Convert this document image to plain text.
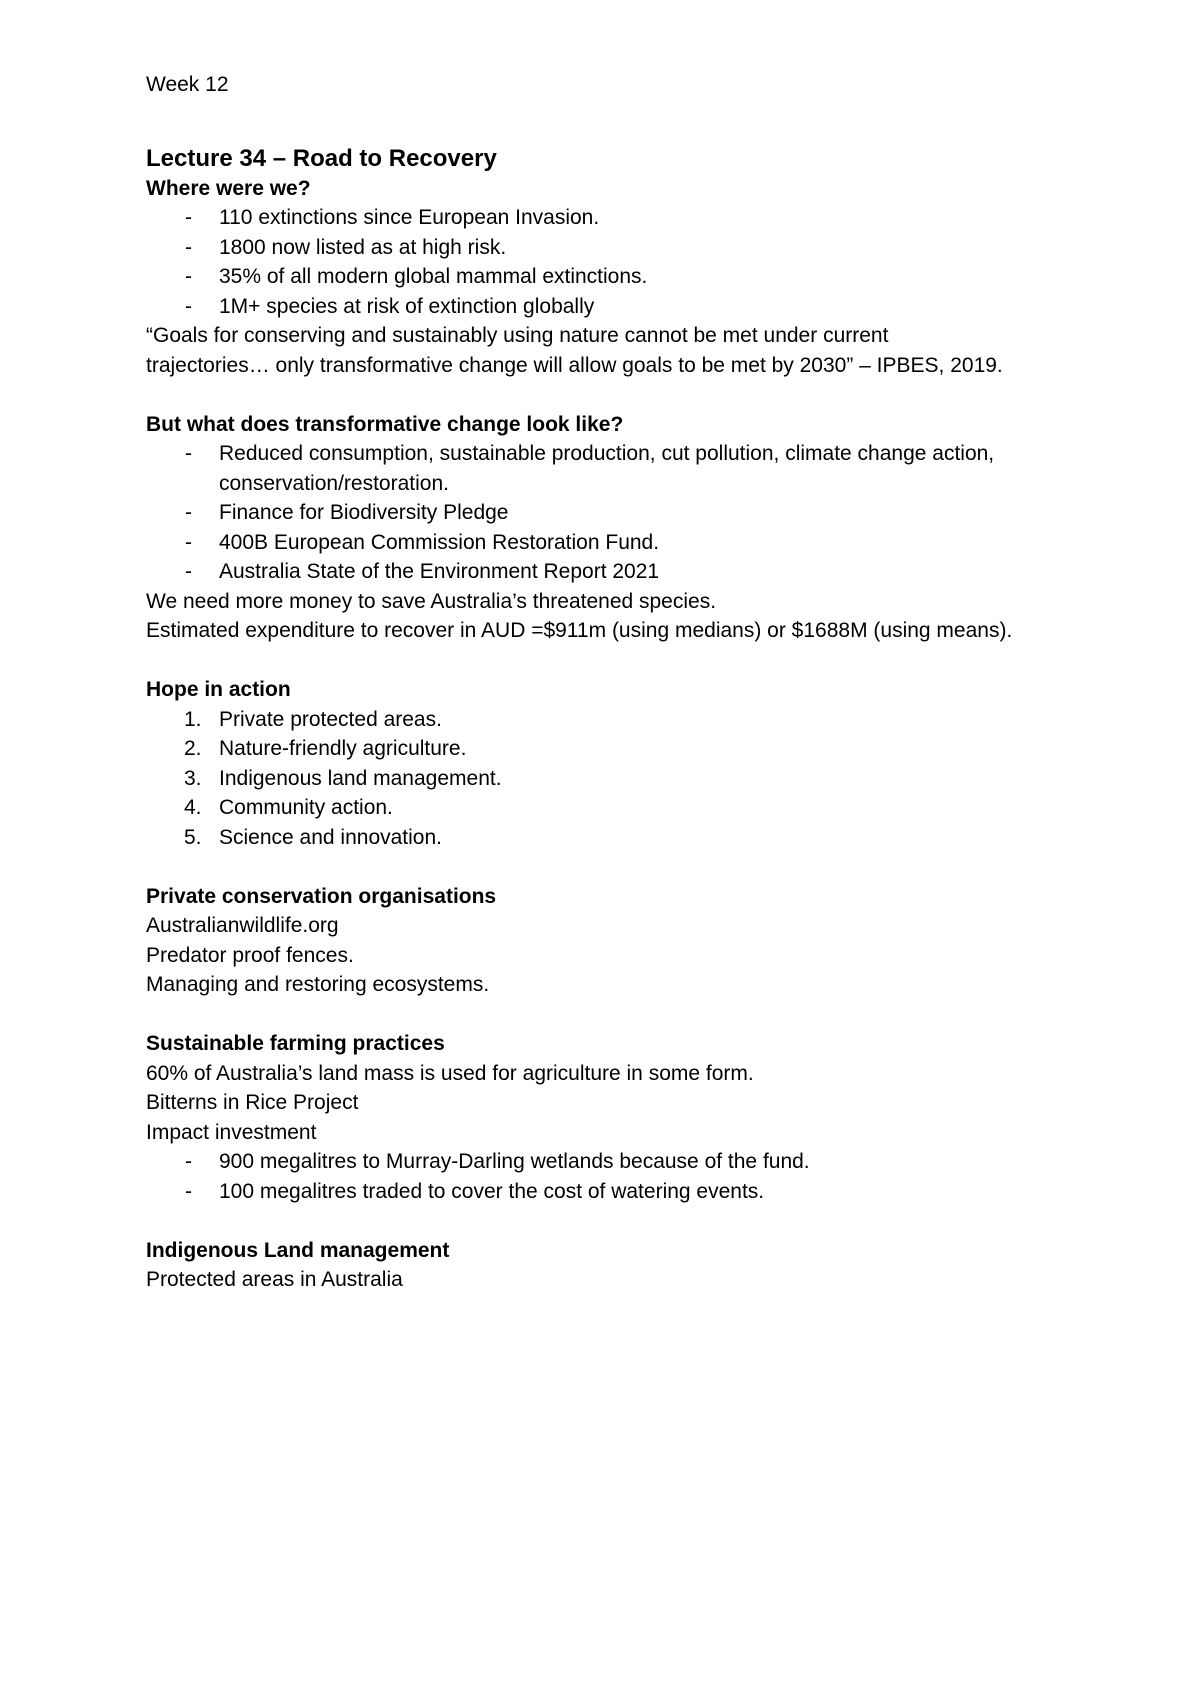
Week 12

Lecture 34 – Road to Recovery

Where were we?

- 110 extinctions since European Invasion.
- 1800 now listed as at high risk.
- 35% of all modern global mammal extinctions.
- 1M+ species at risk of extinction globally

“Goals for conserving and sustainably using nature cannot be met under current

trajectories… only transformative change will allow goals to be met by 2030” – IPBES, 2019.

But what does transformative change look like?

- Reduced consumption, sustainable production, cut pollution, climate change action, conservation/restoration.
- Finance for Biodiversity Pledge
- 400B European Commission Restoration Fund.
- Australia State of the Environment Report 2021

We need more money to save Australia’s threatened species.

Estimated expenditure to recover in AUD =$911m (using medians) or $1688M (using means).

Hope in action

1. Private protected areas.
2. Nature-friendly agriculture.
3. Indigenous land management.
4. Community action.
5. Science and innovation.

Private conservation organisations

Australianwildlife.org

Predator proof fences.

Managing and restoring ecosystems.

Sustainable farming practices

60% of Australia’s land mass is used for agriculture in some form.

Bitterns in Rice Project

Impact investment

- 900 megalitres to Murray-Darling wetlands because of the fund.
- 100 megalitres traded to cover the cost of watering events.

Indigenous Land management

Protected areas in Australia
